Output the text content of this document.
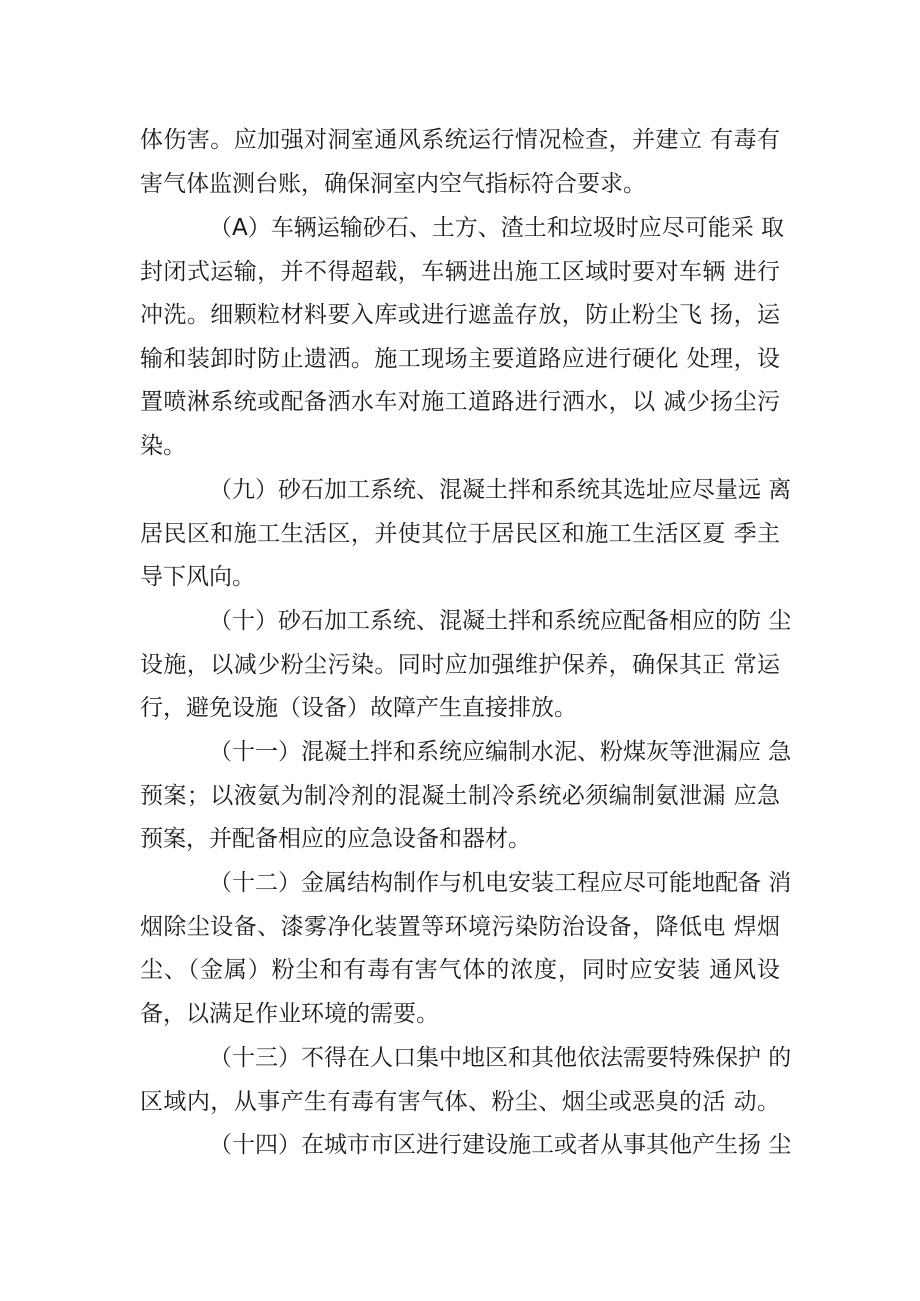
体伤害。应加强对洞室通风系统运行情况检查，并建立 有毒有
害气体监测台账，确保洞室内空气指标符合要求。
（A）车辆运输砂石、土方、渣土和垃圾时应尽可能采 取
封闭式运输，并不得超载，车辆进出施工区域时要对车辆 进行
冲洗。细颗粒材料要入库或进行遮盖存放，防止粉尘飞 扬，运
输和装卸时防止遗洒。施工现场主要道路应进行硬化 处理，设
置喷淋系统或配备洒水车对施工道路进行洒水，以 减少扬尘污
染。
（九）砂石加工系统、混凝土拌和系统其选址应尽量远 离
居民区和施工生活区，并使其位于居民区和施工生活区夏 季主
导下风向。
（十）砂石加工系统、混凝土拌和系统应配备相应的防 尘
设施，以减少粉尘污染。同时应加强维护保养，确保其正 常运
行，避免设施（设备）故障产生直接排放。
（十一）混凝土拌和系统应编制水泥、粉煤灰等泄漏应 急
预案；以液氨为制冷剂的混凝土制冷系统必须编制氨泄漏 应急
预案，并配备相应的应急设备和器材。
（十二）金属结构制作与机电安装工程应尽可能地配备 消
烟除尘设备、漆雾净化装置等环境污染防治设备，降低电 焊烟
尘、（金属）粉尘和有毒有害气体的浓度，同时应安装 通风设
备，以满足作业环境的需要。
（十三）不得在人口集中地区和其他依法需要特殊保护 的
区域内，从事产生有毒有害气体、粉尘、烟尘或恶臭的活 动。
（十四）在城市市区进行建设施工或者从事其他产生扬 尘
